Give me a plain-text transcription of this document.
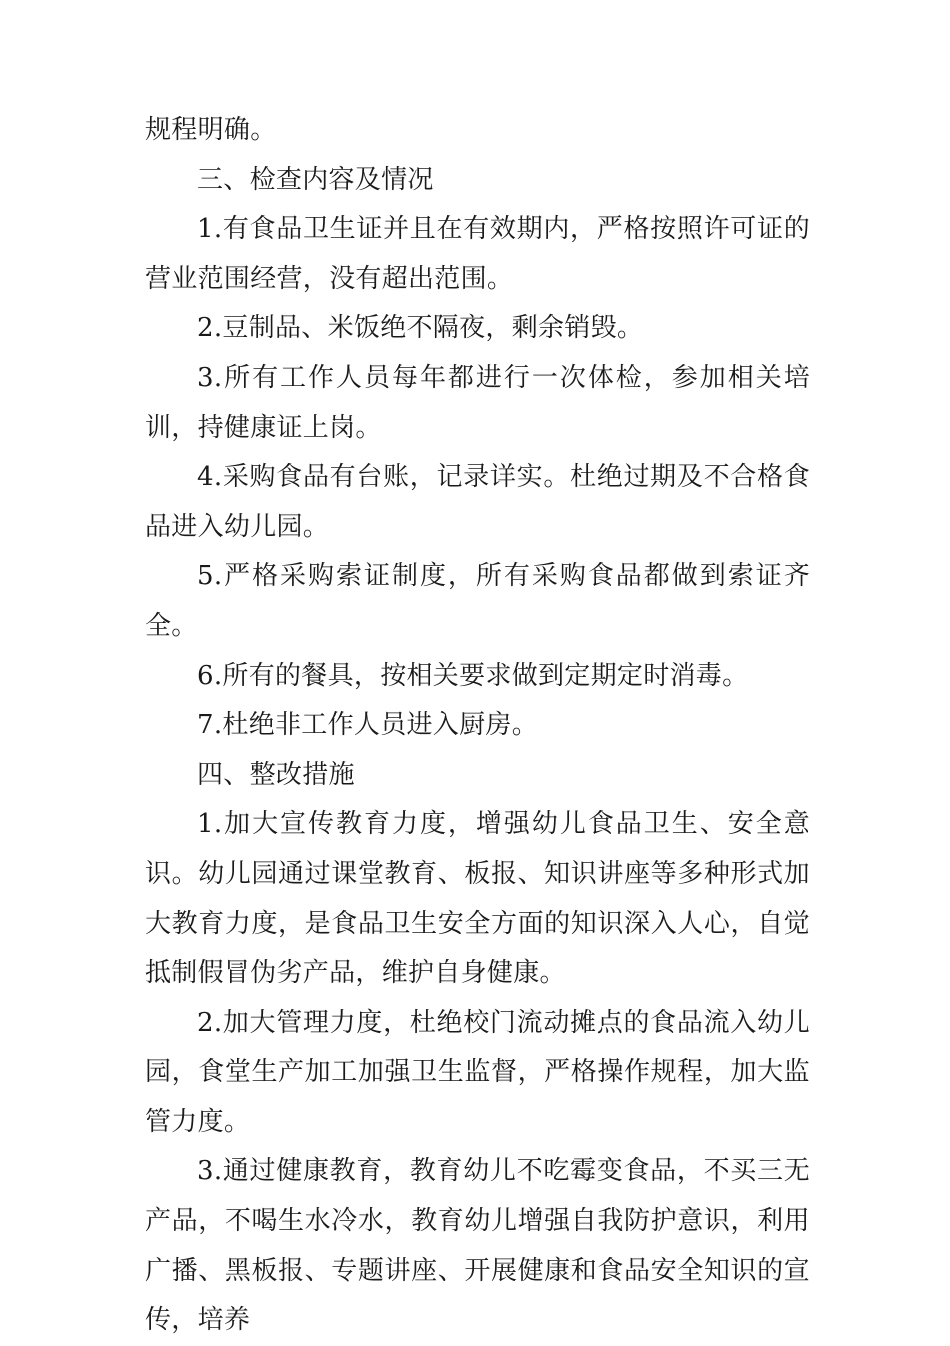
规程明确。

三、检查内容及情况

1.有食品卫生证并且在有效期内，严格按照许可证的营业范围经营，没有超出范围。

2.豆制品、米饭绝不隔夜，剩余销毁。

3.所有工作人员每年都进行一次体检，参加相关培训，持健康证上岗。

4.采购食品有台账，记录详实。杜绝过期及不合格食品进入幼儿园。

5.严格采购索证制度，所有采购食品都做到索证齐全。

6.所有的餐具，按相关要求做到定期定时消毒。

7.杜绝非工作人员进入厨房。

四、整改措施

1.加大宣传教育力度，增强幼儿食品卫生、安全意识。幼儿园通过课堂教育、板报、知识讲座等多种形式加大教育力度，是食品卫生安全方面的知识深入人心，自觉抵制假冒伪劣产品，维护自身健康。

2.加大管理力度，杜绝校门流动摊点的食品流入幼儿园，食堂生产加工加强卫生监督，严格操作规程，加大监管力度。

3.通过健康教育，教育幼儿不吃霉变食品，不买三无产品，不喝生水冷水，教育幼儿增强自我防护意识，利用广播、黑板报、专题讲座、开展健康和食品安全知识的宣传，培养
